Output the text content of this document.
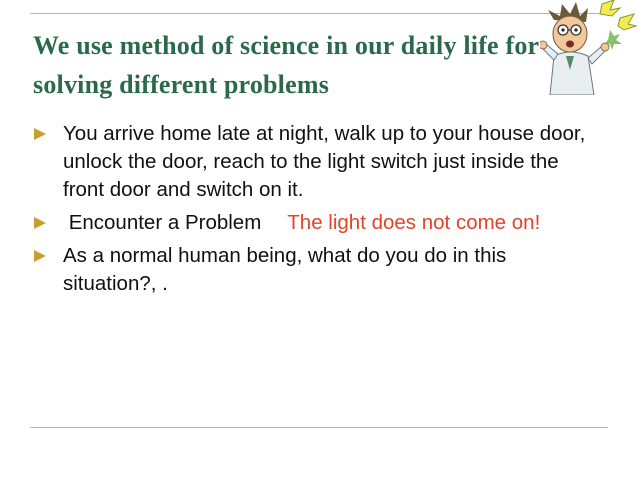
We use method of science in our daily life for solving different problems
You arrive home late at night, walk up to your house door, unlock the door, reach to the light switch just inside the front door and switch on it.
Encounter a Problem The light does not come on!
As a normal human being, what do you do in this situation?, .
